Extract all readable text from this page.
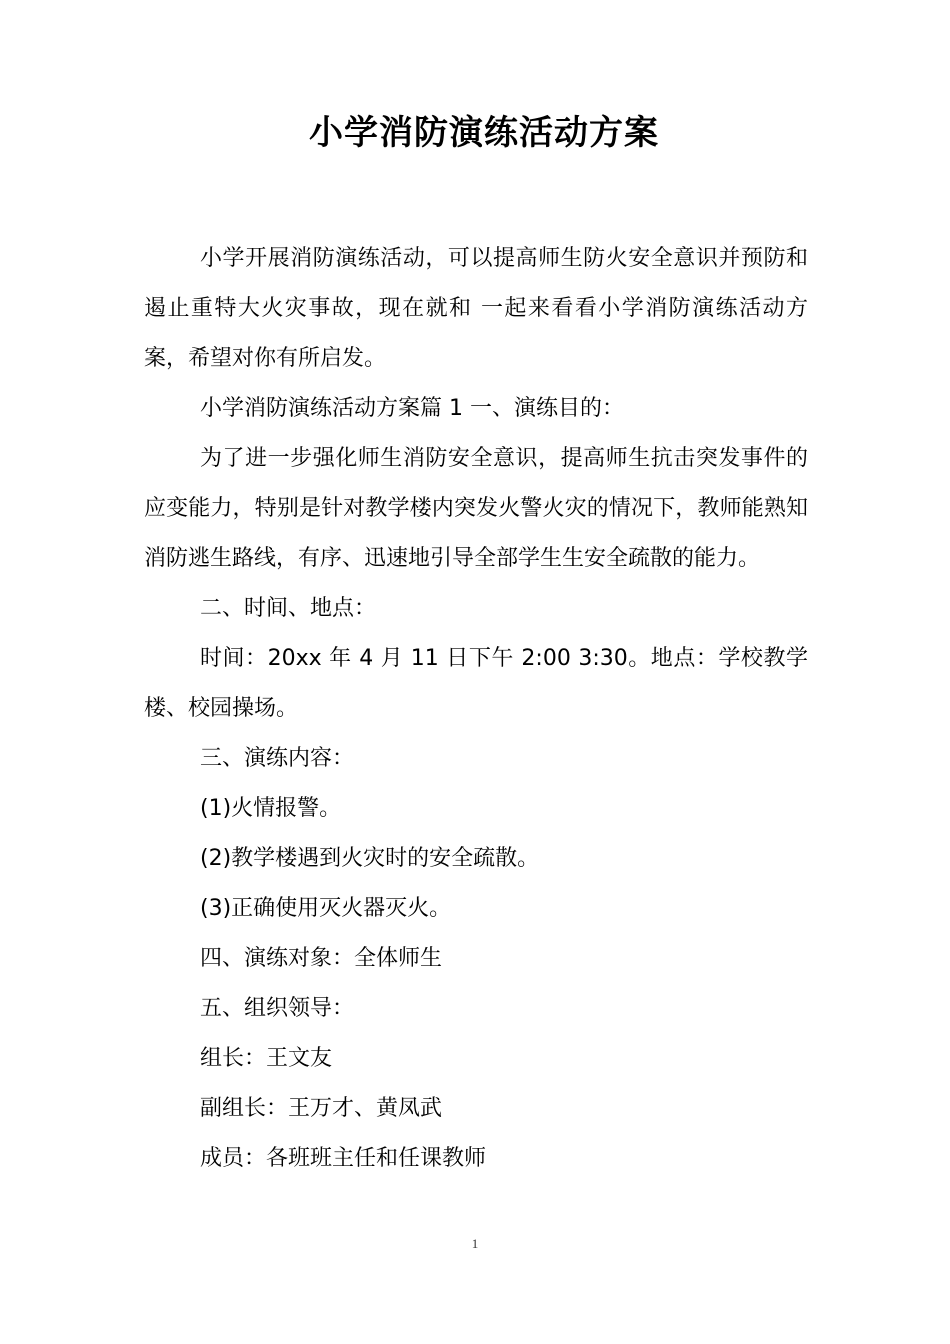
小学消防演练活动方案

小学开展消防演练活动，可以提高师生防火安全意识并预防和遏止重特大火灾事故，现在就和 一起来看看小学消防演练活动方案，希望对你有所启发。

小学消防演练活动方案篇 1 一、演练目的：

为了进一步强化师生消防安全意识，提高师生抗击突发事件的应变能力，特别是针对教学楼内突发火警火灾的情况下，教师能熟知消防逃生路线，有序、迅速地引导全部学生生安全疏散的能力。

二、时间、地点：

时间：20xx 年 4 月 11 日下午 2:00 3:30。地点：学校教学楼、校园操场。

三、演练内容：

(1)火情报警。

(2)教学楼遇到火灾时的安全疏散。

(3)正确使用灭火器灭火。

四、演练对象：全体师生

五、组织领导：

组长：王文友

副组长：王万才、黄凤武

成员：各班班主任和任课教师

1
